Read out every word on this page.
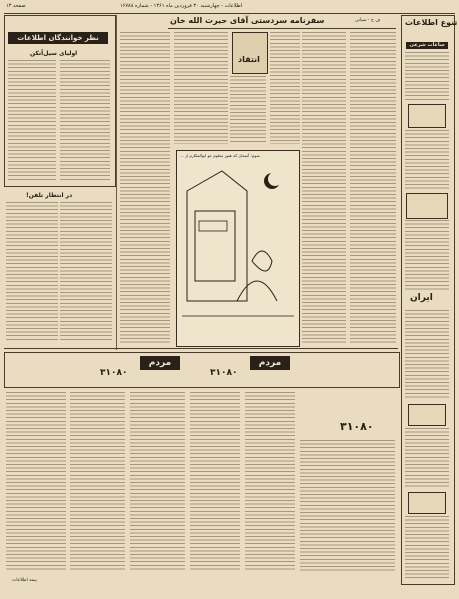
صفحه ۱۳	اطلاعات - چهارشنبه ۳۰ فروردین ماه ۱۳۶۱ - شماره ۱۶۷۸۸
تنوع اطلاعات
ساعات شرعی
ایران
سفرنامه سردستی آقای حیرت الله خان	ف ج - سیانی
انتقاد
سوم: آسمان که هنوز معلوم جو ابوالمکارم از ...
نظر خوانندگان اطلاعات
اولیای سیل‌آنکن
در انتظار تلفن!
۳۱۰۸۰
مردم
۳۱۰۸۰
مردم
۳۱۰۸۰
بیمه اطلاعات
